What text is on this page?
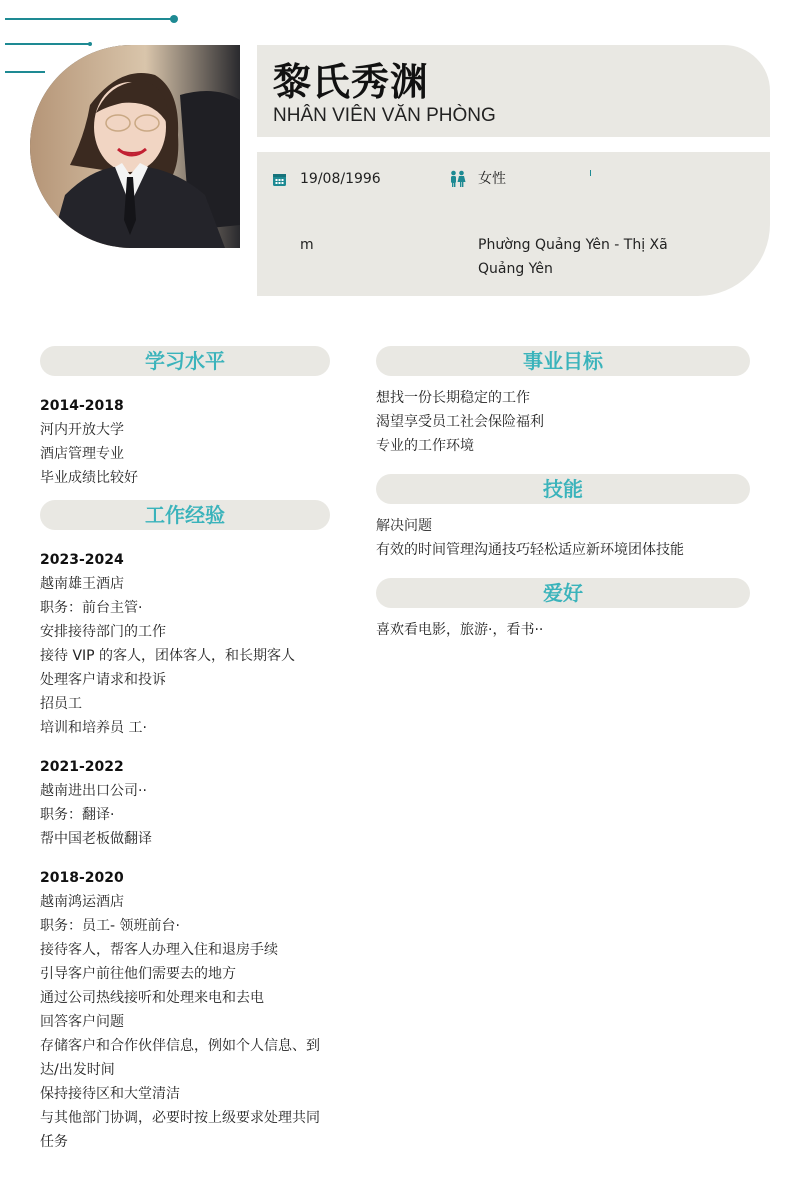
黎氏秀渊
NHÂN VIÊN VĂN PHÒNG
19/08/1996	女性
m	Phường Quảng Yên - Thị Xã Quảng Yên
学习水平
2014-2018
河内开放大学
酒店管理专业
毕业成绩比较好
工作经验
2023-2024
越南雄王酒店
职务：前台主管·
安排接待部门的工作
接待 VIP 的客人，团体客人，和长期客人
处理客户请求和投诉
招员工
培训和培养员 工·
2021-2022
越南进出口公司··
职务：翻译·
帮中国老板做翻译
2018-2020
越南鸿运酒店
职务：员工- 领班前台·
接待客人，帮客人办理入住和退房手续
引导客户前往他们需要去的地方
通过公司热线接听和处理来电和去电
回答客户问题
存储客户和合作伙伴信息，例如个人信息、到达/出发时间
保持接待区和大堂清洁
与其他部门协调，必要时按上级要求处理共同任务
事业目标
想找一份长期稳定的工作
渴望享受员工社会保险福利
专业的工作环境
技能
解决问题
有效的时间管理沟通技巧轻松适应新环境团体技能
爱好
喜欢看电影，旅游·，看书··
